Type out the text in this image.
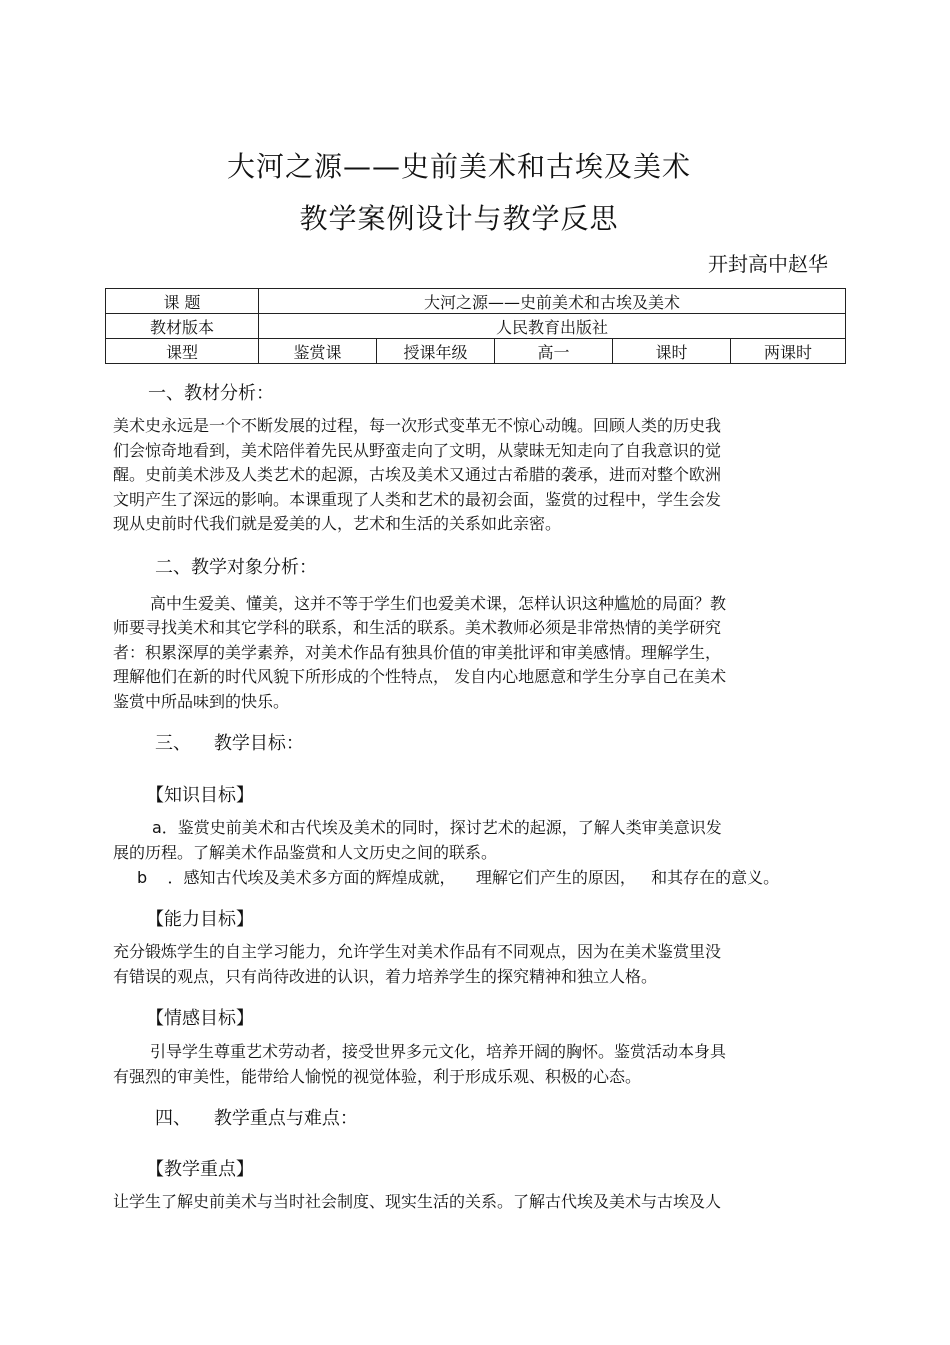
大河之源——史前美术和古埃及美术
教学案例设计与教学反思
开封高中赵华
课 题	大河之源——史前美术和古埃及美术				
教材版本	人民教育出版社				
课型	鉴赏课	授课年级	高一	课时	两课时
一、教材分析：
美术史永远是一个不断发展的过程，每一次形式变革无不惊心动魄。回顾人类的历史我
们会惊奇地看到，美术陪伴着先民从野蛮走向了文明，从蒙昧无知走向了自我意识的觉
醒。史前美术涉及人类艺术的起源，古埃及美术又通过古希腊的袭承，进而对整个欧洲
文明产生了深远的影响。本课重现了人类和艺术的最初会面，鉴赏的过程中，学生会发
现从史前时代我们就是爱美的人，艺术和生活的关系如此亲密。
二、教学对象分析：
高中生爱美、懂美，这并不等于学生们也爱美术课，怎样认识这种尴尬的局面？教
师要寻找美术和其它学科的联系，和生活的联系。美术教师必须是非常热情的美学研究
者：积累深厚的美学素养，对美术作品有独具价值的审美批评和审美感情。理解学生，
理解他们在新的时代风貌下所形成的个性特点， 发自内心地愿意和学生分享自己在美术
鉴赏中所品味到的快乐。
三、    教学目标：
【知识目标】
a．鉴赏史前美术和古代埃及美术的同时，探讨艺术的起源，了解人类审美意识发
展的历程。了解美术作品鉴赏和人文历史之间的联系。
b    ．感知古代埃及美术多方面的辉煌成就，    理解它们产生的原因，   和其存在的意义。
【能力目标】
充分锻炼学生的自主学习能力，允许学生对美术作品有不同观点，因为在美术鉴赏里没
有错误的观点，只有尚待改进的认识，着力培养学生的探究精神和独立人格。
【情感目标】
引导学生尊重艺术劳动者，接受世界多元文化，培养开阔的胸怀。鉴赏活动本身具
有强烈的审美性，能带给人愉悦的视觉体验，利于形成乐观、积极的心态。
四、    教学重点与难点：
【教学重点】
让学生了解史前美术与当时社会制度、现实生活的关系。了解古代埃及美术与古埃及人
